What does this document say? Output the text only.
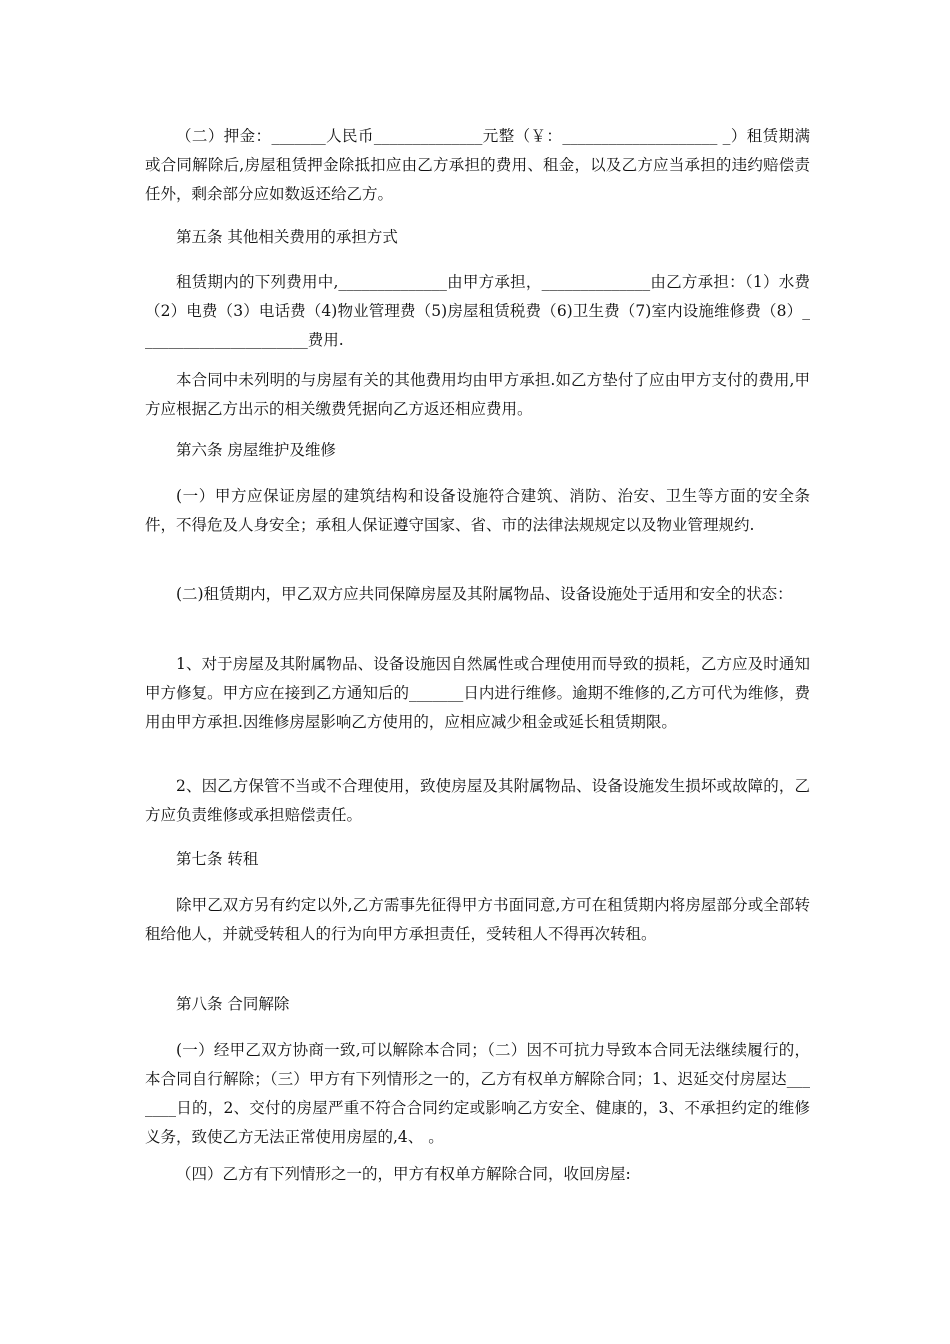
（二）押金：_______人民币______________元整（￥：____________________ _）租赁期满或合同解除后,房屋租赁押金除抵扣应由乙方承担的费用、租金，以及乙方应当承担的违约赔偿责任外，剩余部分应如数返还给乙方。

第五条 其他相关费用的承担方式

租赁期内的下列费用中,______________由甲方承担，______________由乙方承担：（1）水费（2）电费（3）电话费（4)物业管理费（5)房屋租赁税费（6)卫生费（7)室内设施维修费（8）______________________费用.

本合同中未列明的与房屋有关的其他费用均由甲方承担.如乙方垫付了应由甲方支付的费用,甲方应根据乙方出示的相关缴费凭据向乙方返还相应费用。

第六条 房屋维护及维修

(一）甲方应保证房屋的建筑结构和设备设施符合建筑、消防、治安、卫生等方面的安全条件，不得危及人身安全；承租人保证遵守国家、省、市的法律法规规定以及物业管理规约.

(二)租赁期内，甲乙双方应共同保障房屋及其附属物品、设备设施处于适用和安全的状态：

1、对于房屋及其附属物品、设备设施因自然属性或合理使用而导致的损耗，乙方应及时通知甲方修复。甲方应在接到乙方通知后的_______日内进行维修。逾期不维修的,乙方可代为维修，费用由甲方承担.因维修房屋影响乙方使用的，应相应减少租金或延长租赁期限。

2、因乙方保管不当或不合理使用，致使房屋及其附属物品、设备设施发生损坏或故障的，乙方应负责维修或承担赔偿责任。

第七条 转租

除甲乙双方另有约定以外,乙方需事先征得甲方书面同意,方可在租赁期内将房屋部分或全部转租给他人，并就受转租人的行为向甲方承担责任，受转租人不得再次转租。

第八条 合同解除

(一）经甲乙双方协商一致,可以解除本合同；（二）因不可抗力导致本合同无法继续履行的，本合同自行解除；（三）甲方有下列情形之一的，乙方有权单方解除合同；1、迟延交付房屋达_______日的，2、交付的房屋严重不符合合同约定或影响乙方安全、健康的，3、不承担约定的维修义务，致使乙方无法正常使用房屋的,4、 。

（四）乙方有下列情形之一的，甲方有权单方解除合同，收回房屋:
